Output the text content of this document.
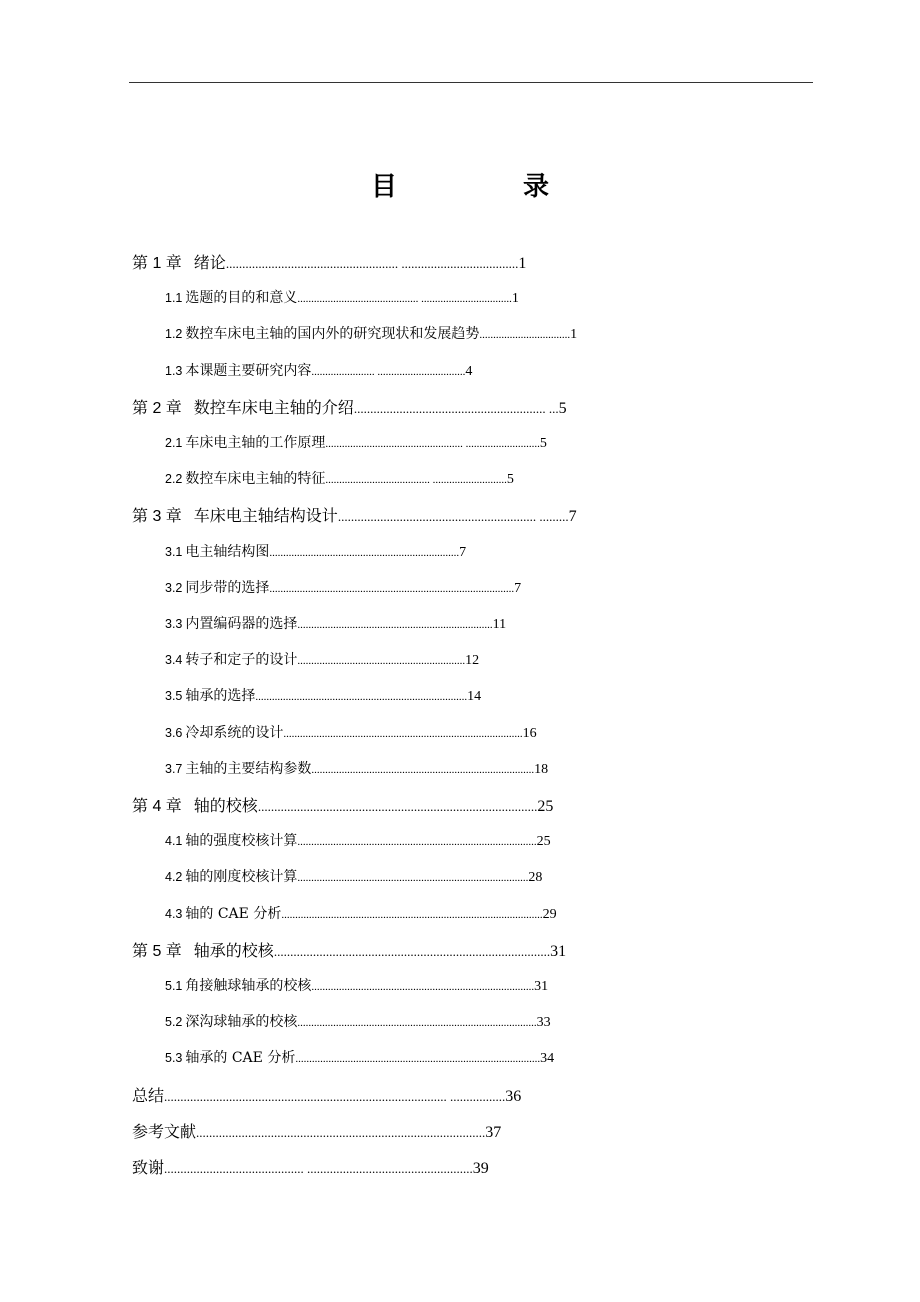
目　录
第 1 章 绪论..................................................... ....................................1
1.1 选题的目的和意义............................................ .................................1
1.2 数控车床电主轴的国内外的研究现状和发展趋势.................................1
1.3 本课题主要研究内容....................... ................................4
第 2 章 数控车床电主轴的介绍........................................................... ...5
2.1 车床电主轴的工作原理.................................................. ...........................5
2.2 数控车床电主轴的特征...................................... ...........................5
第 3 章 车床电主轴结构设计............................................................. .........7
3.1 电主轴结构图.....................................................................7
3.2 同步带的选择.........................................................................................7
3.3 内置编码器的选择.......................................................................11
3.4 转子和定子的设计.............................................................12
3.5 轴承的选择.............................................................................14
3.6 冷却系统的设计.......................................................................................16
3.7 主轴的主要结构参数.................................................................................18
第 4 章 轴的校核......................................................................................25
4.1 轴的强度校核计算.......................................................................................25
4.2 轴的刚度校核计算....................................................................................28
4.3 轴的 CAE 分析...............................................................................................29
第 5 章 轴承的校核.....................................................................................31
5.1 角接触球轴承的校核.................................................................................31
5.2 深沟球轴承的校核.......................................................................................33
5.3 轴承的 CAE 分析.........................................................................................34
总结....................................................................................... .................36
参考文献.........................................................................................37
致谢........................................... ...................................................39
